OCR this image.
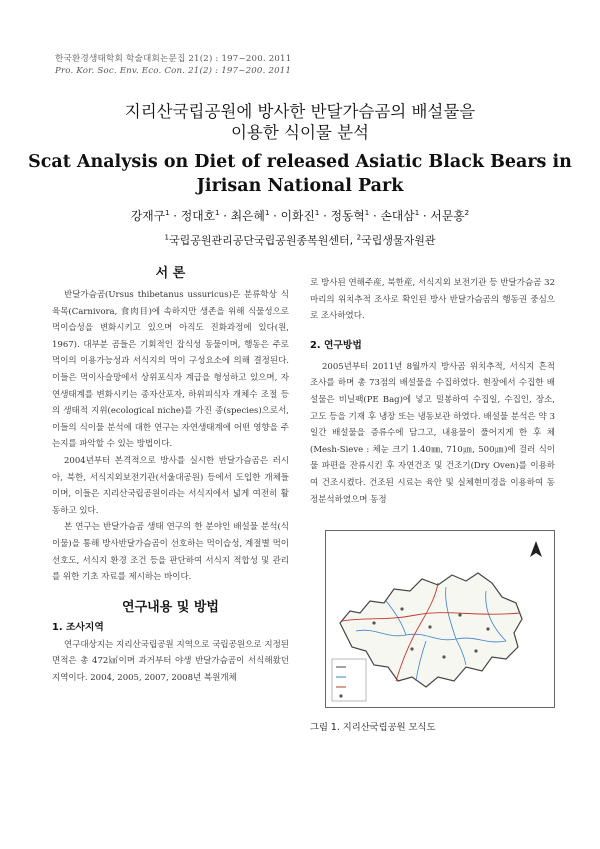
한국환경생태학회 학술대회논문집 21(2) : 197~200. 2011
Pro. Kor. Soc. Env. Eco. Con. 21(2) : 197~200. 2011
지리산국립공원에 방사한 반달가슴곰의 배설물을
이용한 식이물 분석
Scat Analysis on Diet of released Asiatic Black Bears in
Jirisan National Park
강재구$^1$ · 정대호$^1$ · 최은혜$^1$ · 이화진$^1$ · 정동혁$^1$ · 손대삼$^1$ · 서문홍$^2$
$^1$국립공원관리공단국립공원종복원센터, $^2$국립생물자원관
서 론

반달가슴곰(Ursus thibetanus ussuricus)은 분류학상 식육목(Carnivora, 食肉目)에 속하지만 생존을 위해 식물성으로 먹이습성을 변화시키고 있으며 아직도 진화과정에 있다(원, 1967). 대부분 곰들은 기회적인 잡식성 동물이며, 행동은 주로 먹이의 이용가능성과 서식지의 먹이 구성요소에 의해 결정된다. 이들은 먹이사슬망에서 상위포식자 계급을 형성하고 있으며, 자연생태계를 변화시키는 종자산포자, 하위피식자 개체수 조절 등의 생태적 지위(ecological niche)를 가진 종(species)으로서, 이들의 식이물 분석에 대한 연구는 자연생태계에 어떤 영향을 주는지를 파악할 수 있는 방법이다.

2004년부터 본격적으로 방사를 실시한 반달가슴곰은 러시아, 북한, 서식지외보전기관(서울대공원) 등에서 도입한 개체들이며, 이들은 지리산국립공원이라는 서식지에서 넓게 여전히 활동하고 있다.

본 연구는 반달가슴곰 생태 연구의 한 분야인 배설물 분석(식이물)을 통해 방사반달가슴곰이 선호하는 먹이습성, 계절별 먹이 선호도, 서식지 환경 조건 등을 판단하여 서식지 적합성 및 관리를 위한 기초 자료를 제시하는 바이다.

연구내용 및 방법
1. 조사지역

연구대상지는 지리산국립공원 지역으로 국립공원으로 지정된 면적은 총 472㎢이며 과거부터 야생 반달가슴곰이 서식해왔던 지역이다. 2004, 2005, 2007, 2008년 복원개체

로 방사된 연해주産, 북한産, 서식지외 보전기관 등 반달가슴곰 32마리의 위치추적 조사로 확인된 방사 반달가슴곰의 행동권 중심으로 조사하였다.

2. 연구방법

2005년부터 2011년 8월까지 방사곰 위치추적, 서식지 흔적 조사를 하며 총 73점의 배설물을 수집하였다. 현장에서 수집한 배설물은 비닐팩(PE Bag)에 넣고 밀봉하여 수집일, 수집인, 장소, 고도 등을 기재 후 냉장 또는 냉동보관 하였다. 배설물 분석은 약 3일간 배설물을 증류수에 담그고, 내용물이 풀어지게 한 후 체(Mesh-Sieve : 체눈 크기 1.40㎜, 710㎛, 500㎛)에 걸러 식이물 파편을 잔류시킨 후 자연건조 및 건조기(Dry Oven)를 이용하여 건조시켰다. 건조된 시료는 육안 및 실체현미경을 이용하여 동정분석하였으며 동정

그림 1. 지리산국립공원 모식도
